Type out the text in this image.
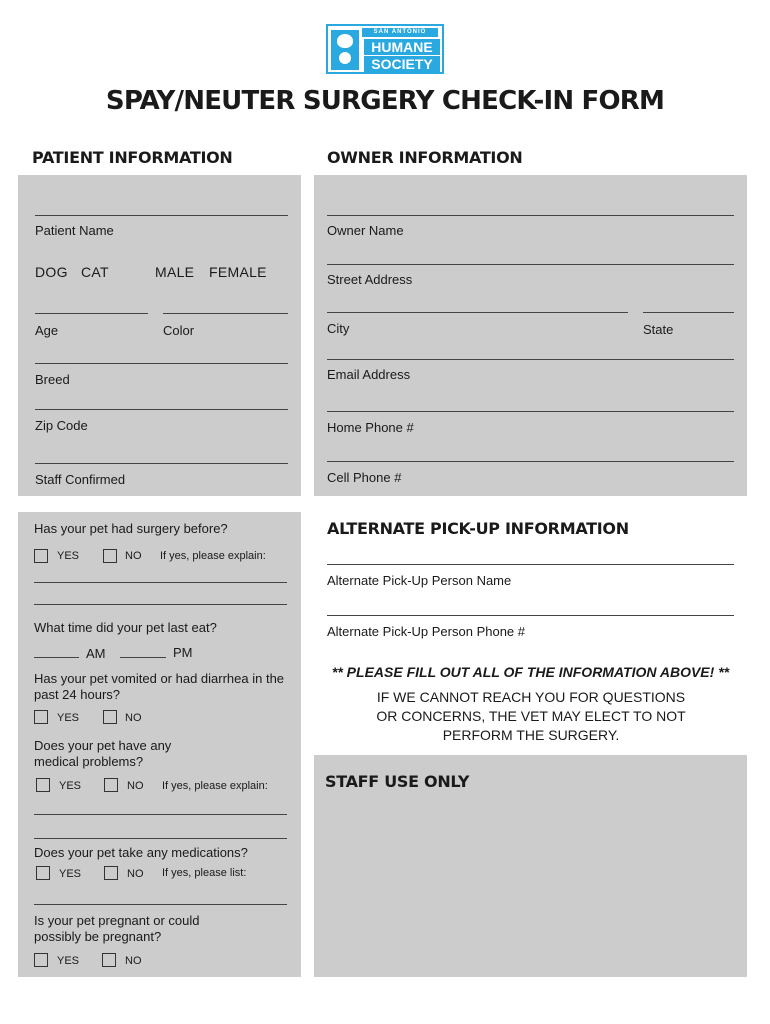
SAN ANTONIO
HUMANE
SOCIETY
SPAY/NEUTER SURGERY CHECK-IN FORM
PATIENT INFORMATION	OWNER INFORMATION
Patient Name
DOG CAT	MALE FEMALE
Age	Color
Breed
Zip Code
Staff Confirmed
Owner Name
Street Address
City	State
Email Address
Home Phone #
Cell Phone #
Has your pet had surgery before?
YES	NO If yes, please explain:
What time did your pet last eat?
AM	PM
Has your pet vomited or had diarrhea in the past 24 hours?
YES	NO
Does your pet have any medical problems?
YES	NO If yes, please explain:
Does your pet take any medications?
YES	NO If yes, please list:
Is your pet pregnant or could possibly be pregnant?
YES	NO
ALTERNATE PICK-UP INFORMATION
Alternate Pick-Up Person Name
Alternate Pick-Up Person Phone #
** PLEASE FILL OUT ALL OF THE INFORMATION ABOVE! **
IF WE CANNOT REACH YOU FOR QUESTIONS OR CONCERNS, THE VET MAY ELECT TO NOT PERFORM THE SURGERY.
STAFF USE ONLY
